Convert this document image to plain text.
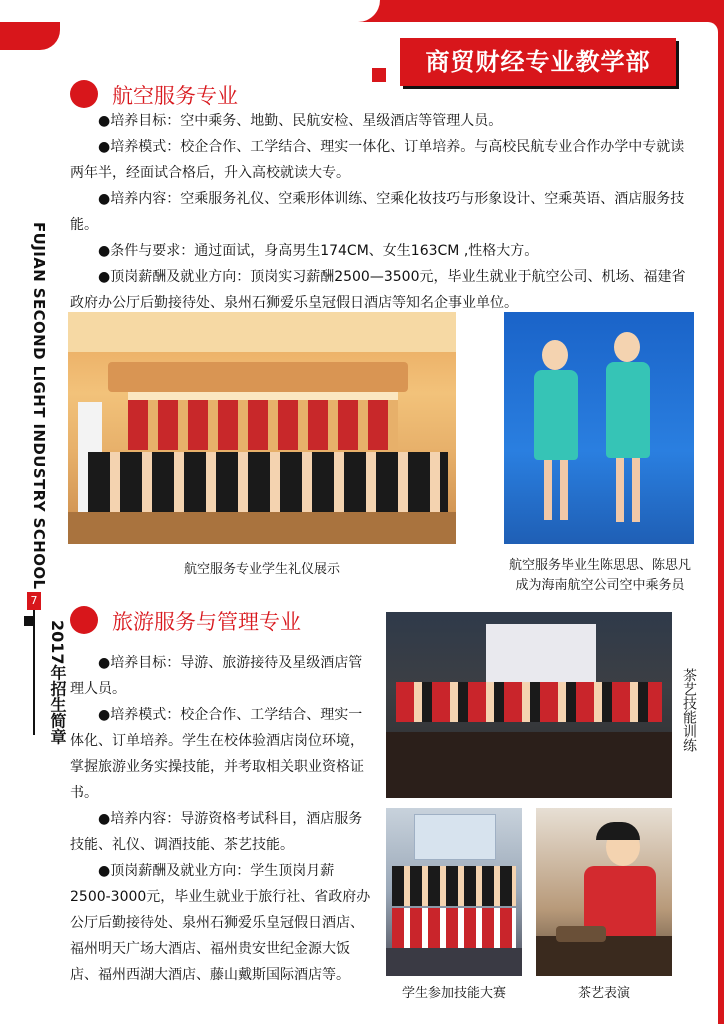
商贸财经专业教学部
FUJIAN SECOND LIGHT INDUSTRY SCHOOL
7
2017年招生简章
航空服务专业

●培养目标：空中乘务、地勤、民航安检、星级酒店等管理人员。

●培养模式：校企合作、工学结合、理实一体化、订单培养。与高校民航专业合作办学中专就读两年半，经面试合格后，升入高校就读大专。

●培养内容：空乘服务礼仪、空乘形体训练、空乘化妆技巧与形象设计、空乘英语、酒店服务技能。

●条件与要求：通过面试，身高男生174CM、女生163CM ,性格大方。

●顶岗薪酬及就业方向：顶岗实习薪酬2500—3500元，毕业生就业于航空公司、机场、福建省政府办公厅后勤接待处、泉州石狮爱乐皇冠假日酒店等知名企事业单位。

航空服务专业学生礼仪展示	航空服务毕业生陈思思、陈思凡
成为海南航空公司空中乘务员
旅游服务与管理专业

●培养目标：导游、旅游接待及星级酒店管理人员。

●培养模式：校企合作、工学结合、理实一体化、订单培养。学生在校体验酒店岗位环境，掌握旅游业务实操技能，并考取相关职业资格证书。

●培养内容：导游资格考试科目，酒店服务技能、礼仪、调酒技能、茶艺技能。

●顶岗薪酬及就业方向：学生顶岗月薪2500-3000元，毕业生就业于旅行社、省政府办公厅后勤接待处、泉州石狮爱乐皇冠假日酒店、福州明天广场大酒店、福州贵安世纪金源大饭店、福州西湖大酒店、藤山戴斯国际酒店等。

茶艺技能训练
学生参加技能大赛	茶艺表演
